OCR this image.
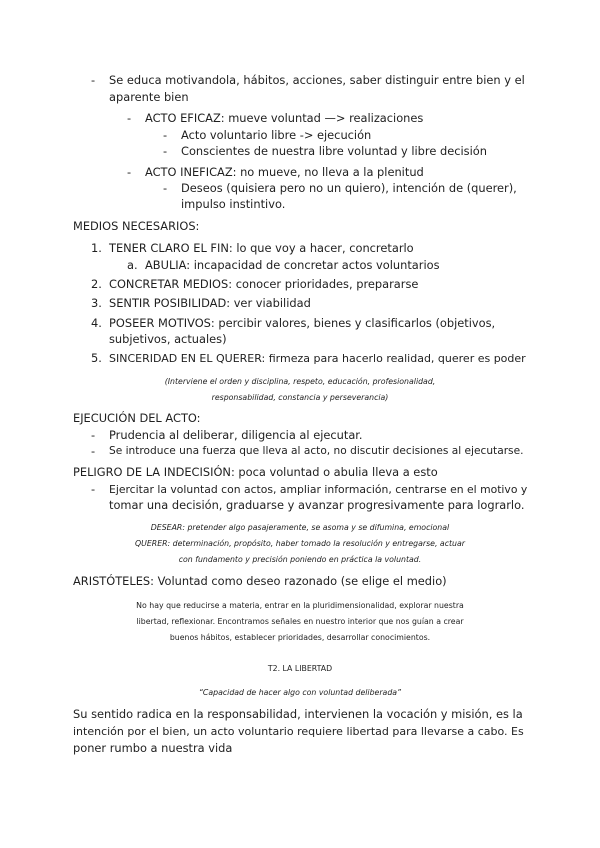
- Se educa motivandola, hábitos, acciones, saber distinguir entre bien y el
aparente bien
- ACTO EFICAZ: mueve voluntad —> realizaciones
- Acto voluntario libre -> ejecución
- Conscientes de nuestra libre voluntad y libre decisión
- ACTO INEFICAZ: no mueve, no lleva a la plenitud
- Deseos (quisiera pero no un quiero), intención de (querer),
impulso instintivo.
MEDIOS NECESARIOS:
1. TENER CLARO EL FIN: lo que voy a hacer, concretarlo
a. ABULIA: incapacidad de concretar actos voluntarios
2. CONCRETAR MEDIOS: conocer prioridades, prepararse
3. SENTIR POSIBILIDAD: ver viabilidad
4. POSEER MOTIVOS: percibir valores, bienes y clasificarlos (objetivos,
subjetivos, actuales)
5. SINCERIDAD EN EL QUERER: firmeza para hacerlo realidad, querer es poder
(Interviene el orden y disciplina, respeto, educación, profesionalidad,
responsabilidad, constancia y perseverancia)
EJECUCIÓN DEL ACTO:
- Prudencia al deliberar, diligencia al ejecutar.
- Se introduce una fuerza que lleva al acto, no discutir decisiones al ejecutarse.
PELIGRO DE LA INDECISIÓN: poca voluntad o abulia lleva a esto
- Ejercitar la voluntad con actos, ampliar información, centrarse en el motivo y
tomar una decisión, graduarse y avanzar progresivamente para lograrlo.
DESEAR: pretender algo pasajeramente, se asoma y se difumina, emocional
QUERER: determinación, propósito, haber tomado la resolución y entregarse, actuar
con fundamento y precisión poniendo en práctica la voluntad.
ARISTÓTELES: Voluntad como deseo razonado (se elige el medio)
No hay que reducirse a materia, entrar en la pluridimensionalidad, explorar nuestra
libertad, reflexionar. Encontramos señales en nuestro interior que nos guían a crear
buenos hábitos, establecer prioridades, desarrollar conocimientos.
T2. LA LIBERTAD
“Capacidad de hacer algo con voluntad deliberada”
Su sentido radica en la responsabilidad, intervienen la vocación y misión, es la
intención por el bien, un acto voluntario requiere libertad para llevarse a cabo. Es
poner rumbo a nuestra vida
